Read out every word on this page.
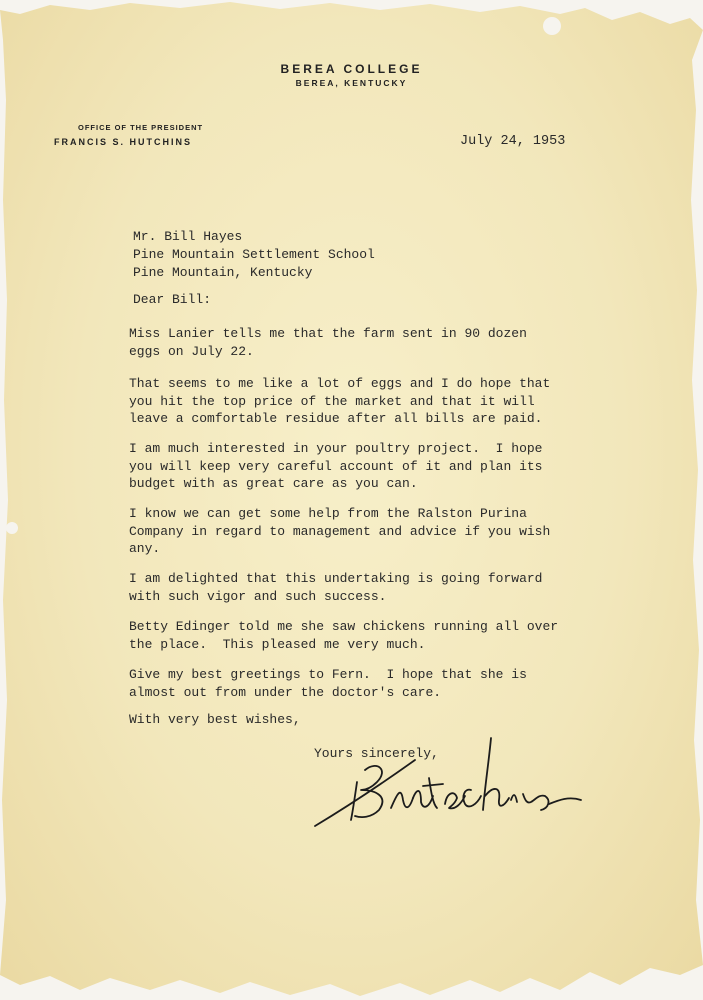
BEREA COLLEGE
BEREA, KENTUCKY
OFFICE OF THE PRESIDENT
FRANCIS S. HUTCHINS	July 24, 1953
Mr. Bill Hayes
Pine Mountain Settlement School
Pine Mountain, Kentucky
Dear Bill:
Miss Lanier tells me that the farm sent in 90 dozen
eggs on July 22.
That seems to me like a lot of eggs and I do hope that
you hit the top price of the market and that it will
leave a comfortable residue after all bills are paid.
I am much interested in your poultry project.  I hope
you will keep very careful account of it and plan its
budget with as great care as you can.
I know we can get some help from the Ralston Purina
Company in regard to management and advice if you wish
any.
I am delighted that this undertaking is going forward
with such vigor and such success.
Betty Edinger told me she saw chickens running all over
the place.  This pleased me very much.
Give my best greetings to Fern.  I hope that she is
almost out from under the doctor's care.
With very best wishes,
Yours sincerely,
